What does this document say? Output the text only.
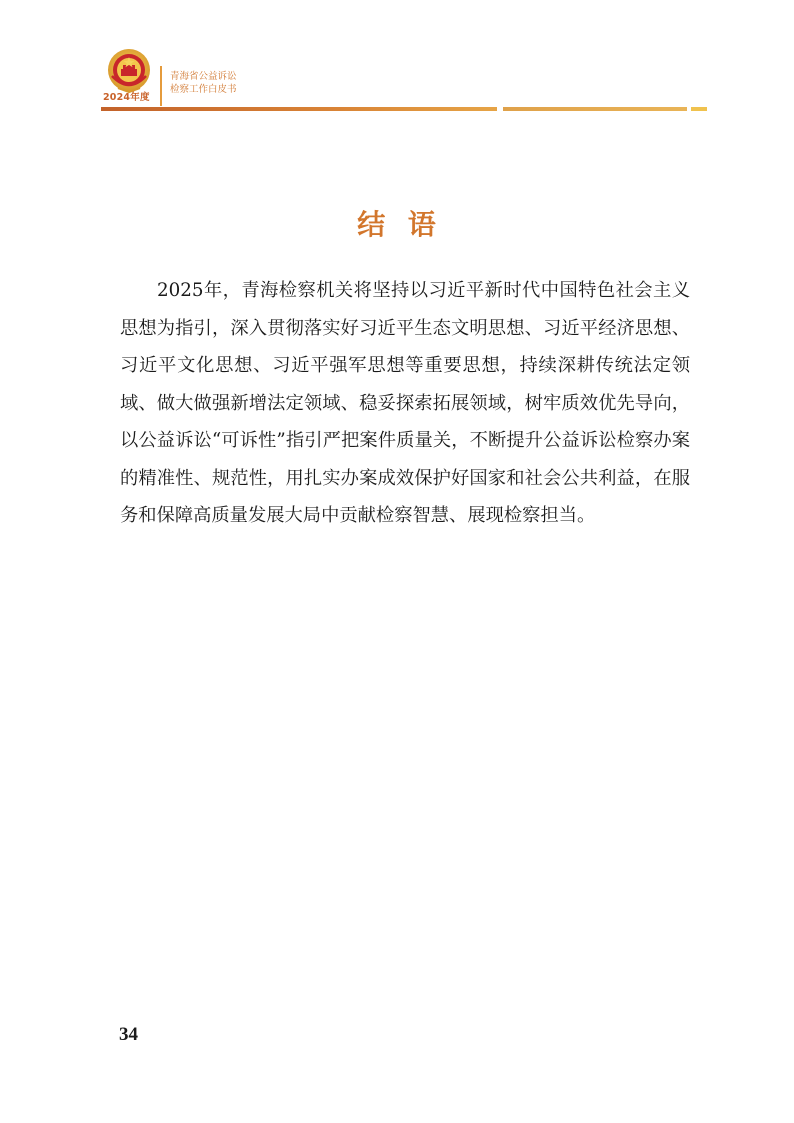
2024年度
青海省公益诉讼
检察工作白皮书
结  语

2025年，青海检察机关将坚持以习近平新时代中国特色社会主义思想为指引，深入贯彻落实好习近平生态文明思想、习近平经济思想、习近平文化思想、习近平强军思想等重要思想，持续深耕传统法定领域、做大做强新增法定领域、稳妥探索拓展领域，树牢质效优先导向，以公益诉讼“可诉性”指引严把案件质量关，不断提升公益诉讼检察办案的精准性、规范性，用扎实办案成效保护好国家和社会公共利益，在服务和保障高质量发展大局中贡献检察智慧、展现检察担当。

34
